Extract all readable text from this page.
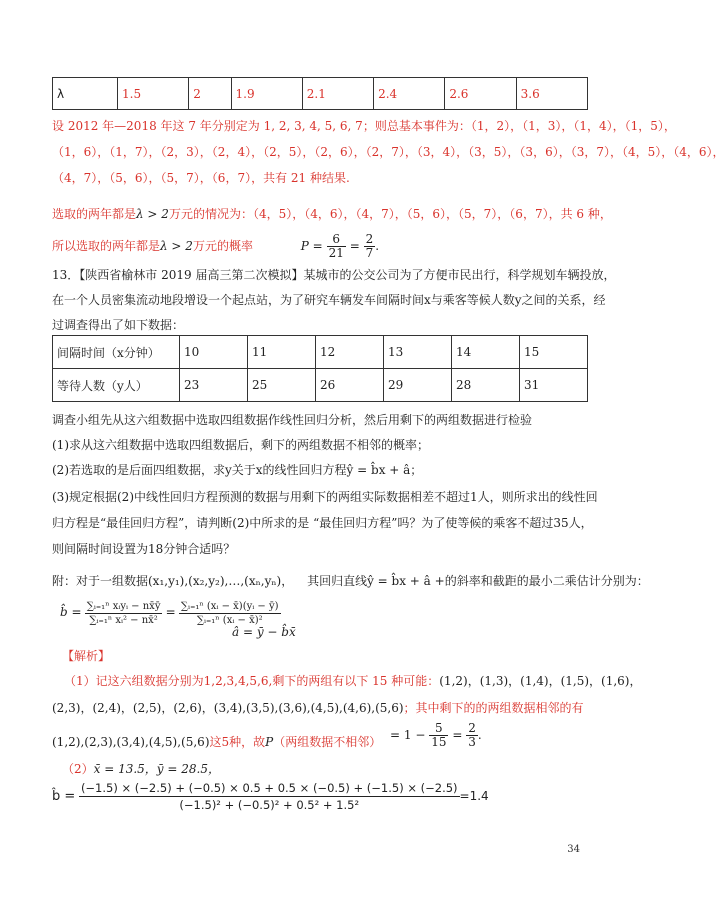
λ	1.5	2	1.9	2.1	2.4	2.6	3.6
设 2012 年—2018 年这 7 年分别定为 1, 2, 3, 4, 5, 6, 7；则总基本事件为：（1，2），（1，3），（1，4），（1，5），
（1，6），（1，7），（2，3），（2，4），（2，5），（2，6），（2，7），（3，4），（3，5），（3，6），（3，7），（4，5），（4，6），
（4，7），（5，6），（5，7），（6，7），共有 21 种结果.
选取的两年都是λ > 2万元的情况为：（4，5），（4，6），（4，7），（5，6），（5，7），（6，7），共 6 种，
所以选取的两年都是λ > 2万元的概率	$P = \frac{6}{21} = \frac{2}{7}$ .
13．【陕西省榆林市 2019 届高三第二次模拟】某城市的公交公司为了方便市民出行，科学规划车辆投放，
在一个人员密集流动地段增设一个起点站，为了研究车辆发车间隔时间x与乘客等候人数y之间的关系，经
过调查得出了如下数据：
间隔时间（x分钟）	10	11	12	13	14	15
等待人数（y人）	23	25	26	29	28	31
调查小组先从这六组数据中选取四组数据作线性回归分析，然后用剩下的两组数据进行检验
(1)求从这六组数据中选取四组数据后，剩下的两组数据不相邻的概率；
(2)若选取的是后面四组数据，求y关于x的线性回归方程ŷ = b̂x + â；
(3)规定根据(2)中线性回归方程预测的数据与用剩下的两组实际数据相差不超过1人，则所求出的线性回
归方程是“最佳回归方程”，请判断(2)中所求的是 “最佳回归方程”吗？为了使等候的乘客不超过35人，
则间隔时间设置为18分钟合适吗？
附：对于一组数据(x₁,y₁),(x₂,y₂),…,(xₙ,yₙ)， 其回归直线ŷ = b̂x + â +的斜率和截距的最小二乘估计分别为：
b̂ = $\frac{\text{∑ᵢ₌₁ⁿ xᵢyᵢ − nx̄ȳ}}{\text{∑ᵢ₌₁ⁿ xᵢ² − nx̄²}} = \frac{\text{∑ᵢ₌₁ⁿ (xᵢ − x̄)(yᵢ − ȳ)}}{\text{∑ᵢ₌₁ⁿ (xᵢ − x̄)²}}$
â = ȳ − b̂x̄
【解析】
（1）记这六组数据分别为1,2,3,4,5,6,剩下的两组有以下 15 种可能：(1,2)，(1,3)，(1,4)，(1,5)，(1,6)，
(2,3)，(2,4)，(2,5)，(2,6)，(3,4),(3,5),(3,6),(4,5),(4,6),(5,6)；其中剩下的的两组数据相邻的有
(1,2),(2,3),(3,4),(4,5),(5,6)这5种，故P（两组数据不相邻） = $1 - \frac{5}{15} = \frac{2}{3}$ .
（2）x̄ = 13.5，ȳ = 28.5，
b̂ =
(−1.5) × (−2.5) + (−0.5) × 0.5 + 0.5 × (−0.5) + (−1.5) × (−2.5)
(−1.5)² + (−0.5)² + 0.5² + 1.5²
=1.4
34
